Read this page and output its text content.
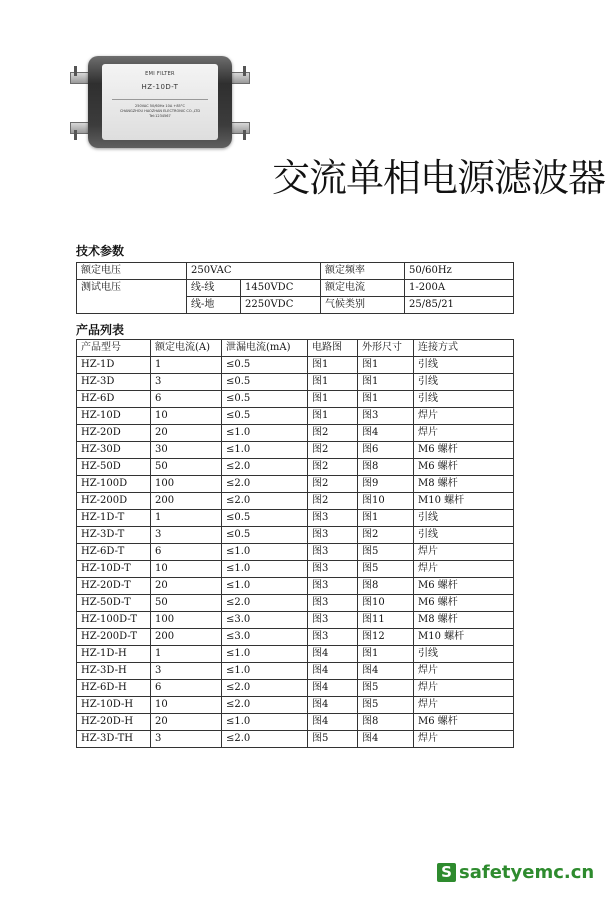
EMI FILTER
HZ-10D-T
250VAC 50/60Hz 10A +85°C
CHANGZHOU HAOZHAN ELECTRONIC CO.,LTD
Tel:1234567
交流单相电源滤波器
技术参数
额定电压	250VAC		额定频率	50/60Hz
测试电压	线-线	1450VDC	额定电流	1-200A
	线-地	2250VDC	气候类别	25/85/21
产品列表
产品型号	额定电流(A)	泄漏电流(mA)	电路图	外形尺寸	连接方式
HZ-1D	1	≤0.5	图1	图1	引线
HZ-3D	3	≤0.5	图1	图1	引线
HZ-6D	6	≤0.5	图1	图1	引线
HZ-10D	10	≤0.5	图1	图3	焊片
HZ-20D	20	≤1.0	图2	图4	焊片
HZ-30D	30	≤1.0	图2	图6	M6 螺杆
HZ-50D	50	≤2.0	图2	图8	M6 螺杆
HZ-100D	100	≤2.0	图2	图9	M8 螺杆
HZ-200D	200	≤2.0	图2	图10	M10 螺杆
HZ-1D-T	1	≤0.5	图3	图1	引线
HZ-3D-T	3	≤0.5	图3	图2	引线
HZ-6D-T	6	≤1.0	图3	图5	焊片
HZ-10D-T	10	≤1.0	图3	图5	焊片
HZ-20D-T	20	≤1.0	图3	图8	M6 螺杆
HZ-50D-T	50	≤2.0	图3	图10	M6 螺杆
HZ-100D-T	100	≤3.0	图3	图11	M8 螺杆
HZ-200D-T	200	≤3.0	图3	图12	M10 螺杆
HZ-1D-H	1	≤1.0	图4	图1	引线
HZ-3D-H	3	≤1.0	图4	图4	焊片
HZ-6D-H	6	≤2.0	图4	图5	焊片
HZ-10D-H	10	≤2.0	图4	图5	焊片
HZ-20D-H	20	≤1.0	图4	图8	M6 螺杆
HZ-3D-TH	3	≤2.0	图5	图4	焊片
S safetyemc.cn
